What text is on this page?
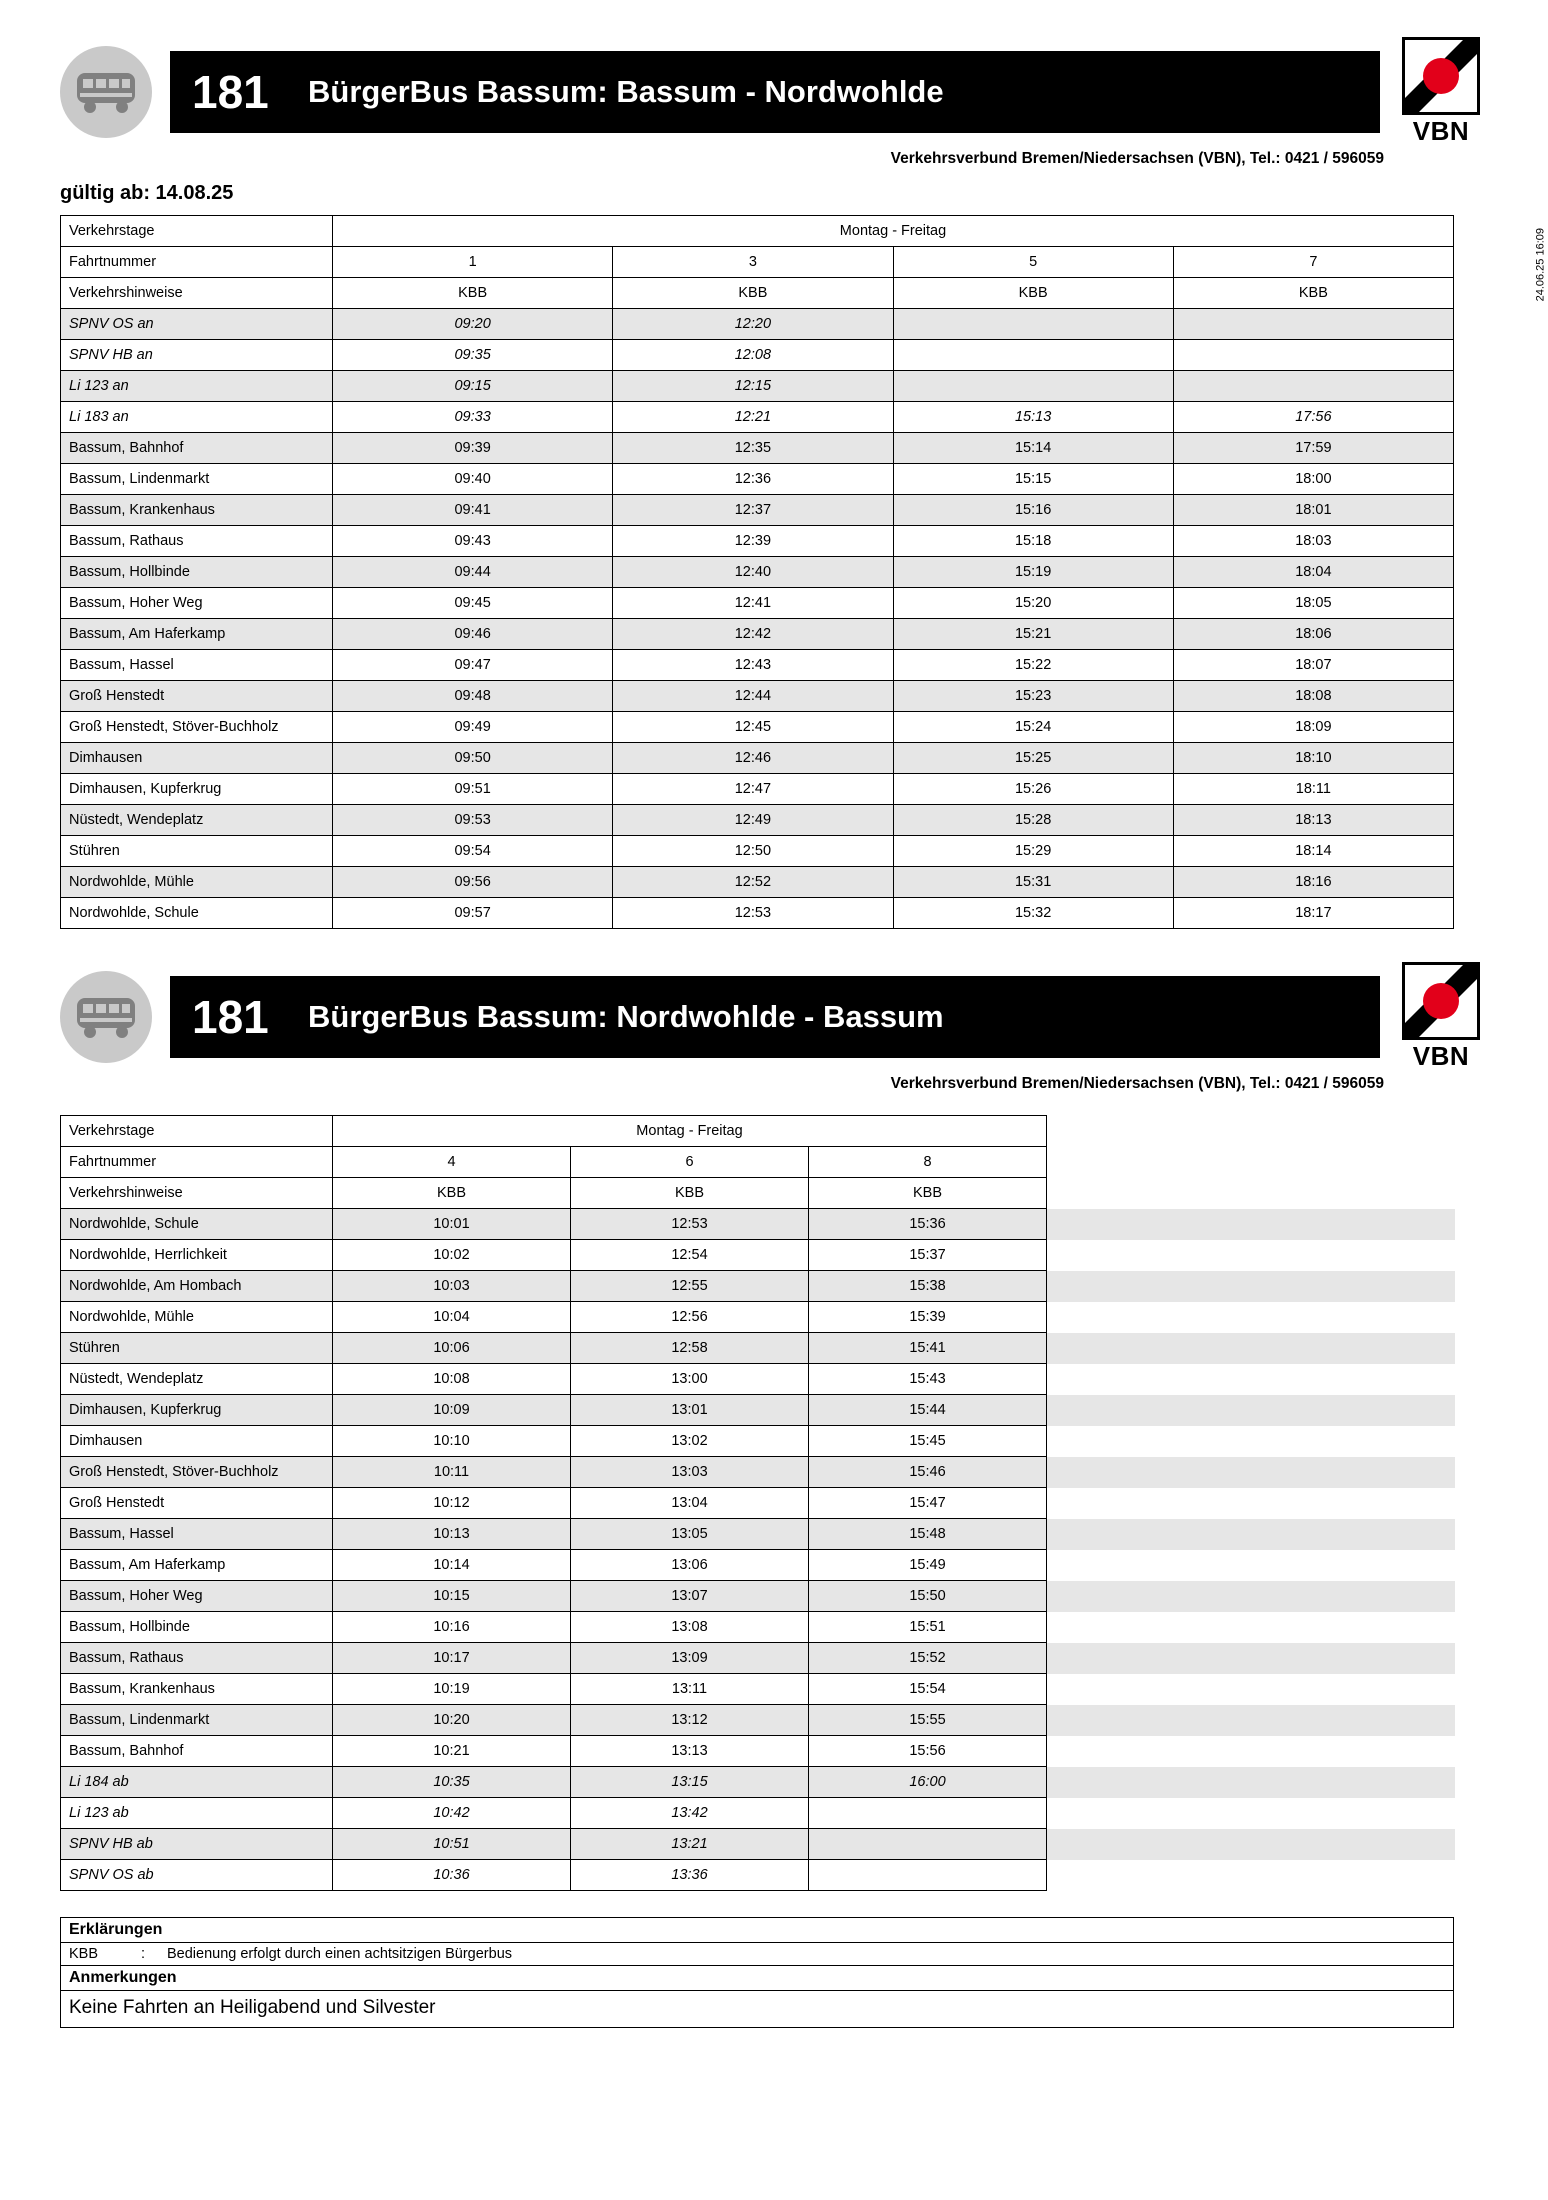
24.06.25 16:09
181	BürgerBus Bassum: Bassum - Nordwohlde
VBN
Verkehrsverbund Bremen/Niedersachsen (VBN), Tel.: 0421 / 596059
gültig ab: 14.08.25
Verkehrstage	Montag - Freitag			
Fahrtnummer	1	3	5	7
Verkehrshinweise	KBB	KBB	KBB	KBB
SPNV OS an	09:20	12:20		
SPNV HB an	09:35	12:08		
Li 123 an	09:15	12:15		
Li 183 an	09:33	12:21	15:13	17:56
Bassum, Bahnhof	09:39	12:35	15:14	17:59
Bassum, Lindenmarkt	09:40	12:36	15:15	18:00
Bassum, Krankenhaus	09:41	12:37	15:16	18:01
Bassum, Rathaus	09:43	12:39	15:18	18:03
Bassum, Hollbinde	09:44	12:40	15:19	18:04
Bassum, Hoher Weg	09:45	12:41	15:20	18:05
Bassum, Am Haferkamp	09:46	12:42	15:21	18:06
Bassum, Hassel	09:47	12:43	15:22	18:07
Groß Henstedt	09:48	12:44	15:23	18:08
Groß Henstedt, Stöver-Buchholz	09:49	12:45	15:24	18:09
Dimhausen	09:50	12:46	15:25	18:10
Dimhausen, Kupferkrug	09:51	12:47	15:26	18:11
Nüstedt, Wendeplatz	09:53	12:49	15:28	18:13
Stühren	09:54	12:50	15:29	18:14
Nordwohlde, Mühle	09:56	12:52	15:31	18:16
Nordwohlde, Schule	09:57	12:53	15:32	18:17
181	BürgerBus Bassum: Nordwohlde - Bassum
VBN
Verkehrsverbund Bremen/Niedersachsen (VBN), Tel.: 0421 / 596059
Verkehrstage	Montag - Freitag			
Fahrtnummer	4	6	8	
Verkehrshinweise	KBB	KBB	KBB	
Nordwohlde, Schule	10:01	12:53	15:36	
Nordwohlde, Herrlichkeit	10:02	12:54	15:37	
Nordwohlde, Am Hombach	10:03	12:55	15:38	
Nordwohlde, Mühle	10:04	12:56	15:39	
Stühren	10:06	12:58	15:41	
Nüstedt, Wendeplatz	10:08	13:00	15:43	
Dimhausen, Kupferkrug	10:09	13:01	15:44	
Dimhausen	10:10	13:02	15:45	
Groß Henstedt, Stöver-Buchholz	10:11	13:03	15:46	
Groß Henstedt	10:12	13:04	15:47	
Bassum, Hassel	10:13	13:05	15:48	
Bassum, Am Haferkamp	10:14	13:06	15:49	
Bassum, Hoher Weg	10:15	13:07	15:50	
Bassum, Hollbinde	10:16	13:08	15:51	
Bassum, Rathaus	10:17	13:09	15:52	
Bassum, Krankenhaus	10:19	13:11	15:54	
Bassum, Lindenmarkt	10:20	13:12	15:55	
Bassum, Bahnhof	10:21	13:13	15:56	
Li 184 ab	10:35	13:15	16:00	
Li 123 ab	10:42	13:42		
SPNV HB ab	10:51	13:21		
SPNV OS ab	10:36	13:36		
Erklärungen
KBB	:	Bedienung erfolgt durch einen achtsitzigen Bürgerbus
Anmerkungen
Keine Fahrten an Heiligabend und Silvester
